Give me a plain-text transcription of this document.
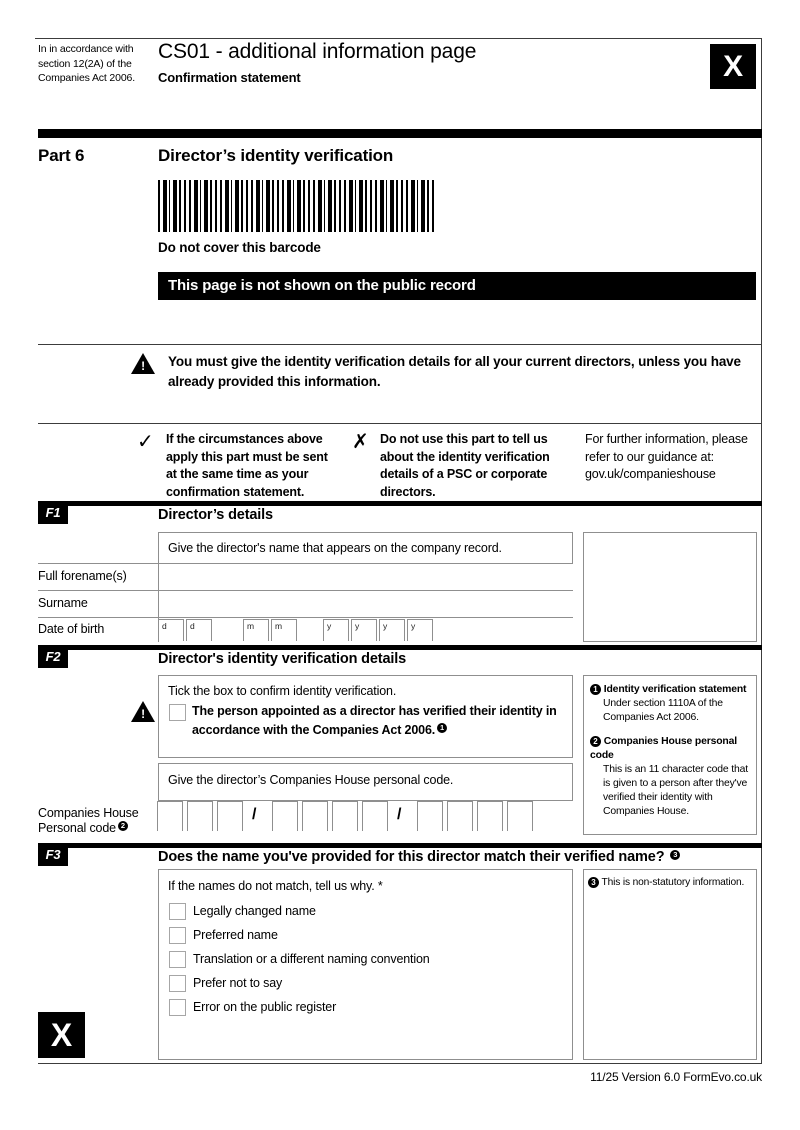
In in accordance with section 12(2A) of the Companies Act 2006.
CS01 - additional information page
Confirmation statement	X
Part 6	Director’s identity verification
Do not cover this barcode
This page is not shown on the public record
!	You must give the identity verification details for all your current directors, unless you have already provided this information.
✓ If the circumstances above apply this part must be sent at the same time as your confirmation statement.
✗ Do not use this part to tell us about the identity verification details of a PSC or corporate directors.
For further information, please refer to our guidance at: gov.uk/companieshouse
F1	Director’s details
Give the director's name that appears on the company record.
Full forename(s)
Surname
Date of birth	d	d	m	m	y	y	y	y
F2	Director's identity verification details
!
Tick the box to confirm identity verification.
The person appointed as a director has verified their identity in accordance with the Companies Act 2006. 1
Give the director’s Companies House personal code.
Companies House
Personal code 2
/	/
1 Identity verification statement
Under section 1110A of the Companies Act 2006.
2 Companies House personal code
This is an 11 character code that is given to a person after they've verified their identity with Companies House.
F3	Does the name you've provided for this director match their verified name? 3
If the names do not match, tell us why. *
Legally changed name
Preferred name
Translation or a different naming convention
Prefer not to say
Error on the public register
3 This is non-statutory information.
X
11/25 Version 6.0 FormEvo.co.uk
